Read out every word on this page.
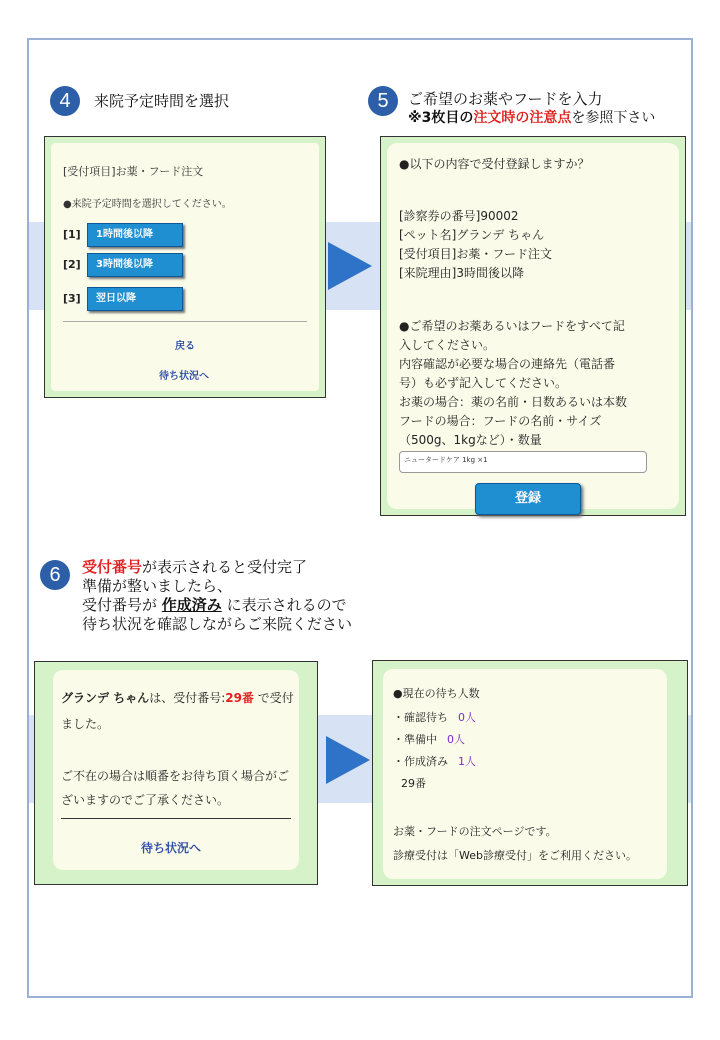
4	来院予定時間を選択	5	ご希望のお薬やフードを入力
※3枚目の注文時の注意点を参照下さい
[受付項目]お薬・フード注文
●来院予定時間を選択してください。
[1] 1時間後以降
[2] 3時間後以降
[3] 翌日以降
戻る
待ち状況へ
●以下の内容で受付登録しますか？
[診察券の番号]90002
[ペット名]グランデ ちゃん
[受付項目]お薬・フード注文
[来院理由]3時間後以降
●ご希望のお薬あるいはフードをすべて記
入してください。
内容確認が必要な場合の連絡先（電話番
号）も必ず記入してください。
お薬の場合：薬の名前・日数あるいは本数
フードの場合：フードの名前・サイズ
（500g、1kgなど）・数量
ニュータードケア 1kg ×1
登録
6	受付番号が表示されると受付完了
準備が整いましたら、
受付番号が 作成済み に表示されるので
待ち状況を確認しながらご来院ください
グランデ ちゃんは、受付番号:29番 で受付
ました。
ご不在の場合は順番をお待ち頂く場合がご
ざいますのでご了承ください。
待ち状況へ
●現在の待ち人数
・確認待ち 0人
・準備中 0人
・作成済み 1人
29番
お薬・フードの注文ページです。
診療受付は「Web診療受付」をご利用ください。
